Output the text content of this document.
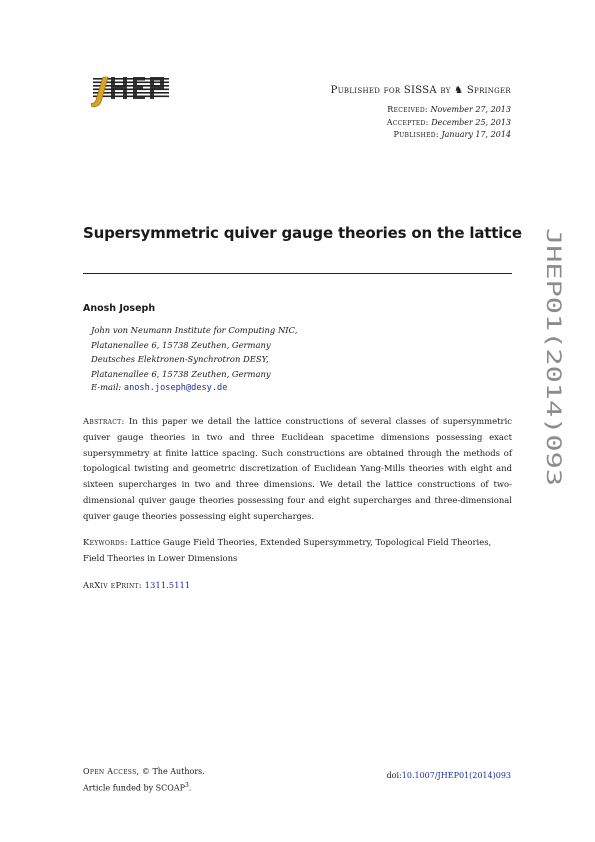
Published for SISSA by ♞ Springer
Received: November 27, 2013
Accepted: December 25, 2013
Published: January 17, 2014
Supersymmetric quiver gauge theories on the lattice
Anosh Joseph
John von Neumann Institute for Computing NIC,
Platanenallee 6, 15738 Zeuthen, Germany
Deutsches Elektronen-Synchrotron DESY,
Platanenallee 6, 15738 Zeuthen, Germany
E-mail: anosh.joseph@desy.de
Abstract: In this paper we detail the lattice constructions of several classes of supersymmetric quiver gauge theories in two and three Euclidean spacetime dimensions possessing exact supersymmetry at finite lattice spacing. Such constructions are obtained through the methods of topological twisting and geometric discretization of Euclidean Yang-Mills theories with eight and sixteen supercharges in two and three dimensions. We detail the lattice constructions of two-dimensional quiver gauge theories possessing four and eight supercharges and three-dimensional quiver gauge theories possessing eight supercharges.
Keywords: Lattice Gauge Field Theories, Extended Supersymmetry, Topological Field Theories, Field Theories in Lower Dimensions
ArXiv ePrint: 1311.5111
JHEP01(2014)093
Open Access, © The Authors.
Article funded by SCOAP$^3$.
doi:10.1007/JHEP01(2014)093
